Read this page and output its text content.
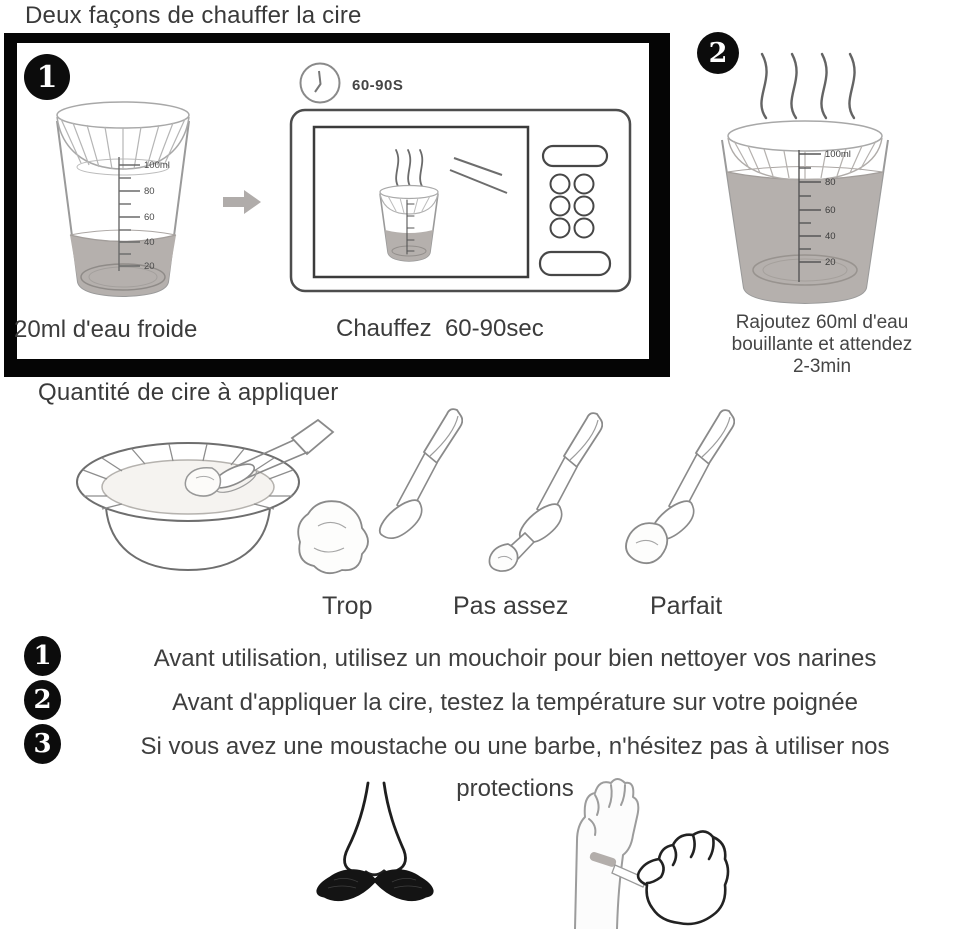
Deux façons de chauffer la cire
1
100ml
80
60
40
20
60-90S
20ml d'eau froide	Chauffez  60-90sec
2
100ml
80
60
40
20
Rajoutez 60ml d'eau
bouillante et attendez
2-3min
Quantité de cire à appliquer
Trop	Pas assez	Parfait
1	Avant utilisation, utilisez un mouchoir pour bien nettoyer vos narines
2	Avant d'appliquer la cire, testez la température sur votre poignée
3	Si vous avez une moustache ou une barbe, n'hésitez pas à utiliser nos
protections
